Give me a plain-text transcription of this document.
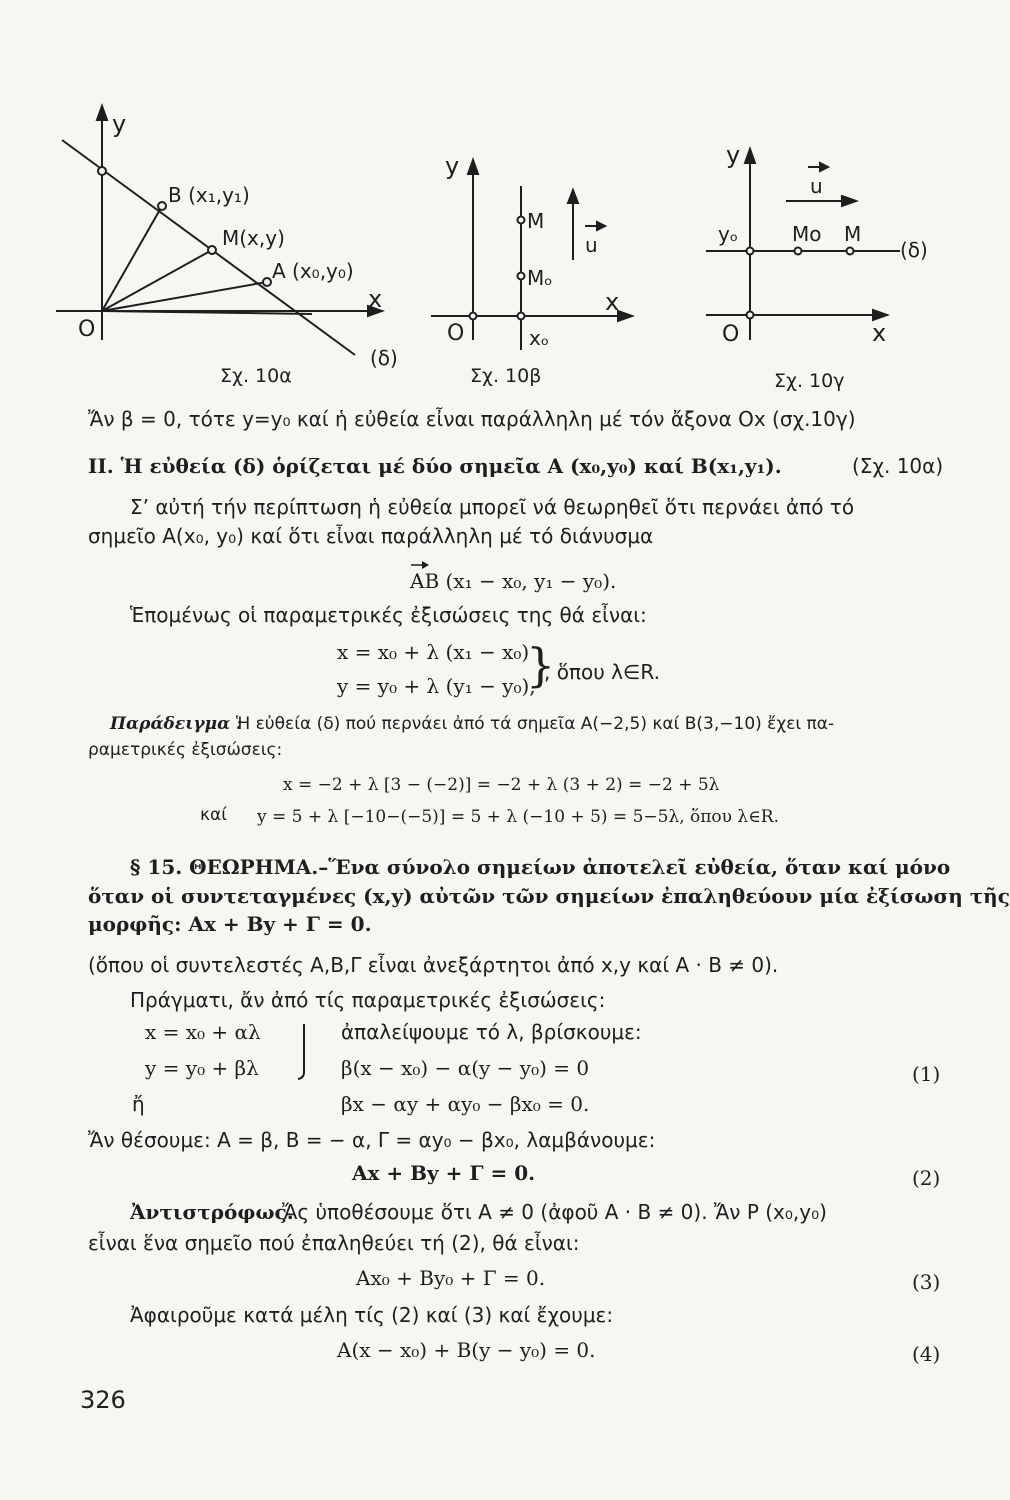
y
x
O
B (x₁,y₁)
M(x,y)
A (x₀,y₀)
(δ)
Σχ. 10α
y
x
O
M
Mₒ
xₒ
u
Σχ. 10β
y
x
O
yₒ	Mo M
u
(δ)
Σχ. 10γ
Ἄν β = 0, τότε y=y₀ καί ἡ εὐθεία εἶναι παράλληλη μέ τόν ἄξονα Οx (σχ.10γ)
ΙΙ. Ἡ εὐθεία (δ) ὁρίζεται μέ δύο σημεῖα Α (x₀,y₀) καί Β(x₁,y₁).	(Σχ. 10α)
Σ’ αὐτή τήν περίπτωση ἡ εὐθεία μπορεῖ νά θεωρηθεῖ ὅτι περνάει ἀπό τό
σημεῖο Α(x₀, y₀) καί ὅτι εἶναι παράλληλη μέ τό διάνυσμα
AB (x₁ − x₀, y₁ − y₀).
Ἑπομένως οἱ παραμετρικές ἐξισώσεις της θά εἶναι:
x = x₀ + λ (x₁ − x₀)
y = y₀ + λ (y₁ − y₀),
}
, ὅπου λ∈R.
Παράδειγμα :
Ἡ εὐθεία (δ) πού περνάει ἀπό τά σημεῖα Α(−2,5) καί Β(3,−10) ἔχει πα-
ραμετρικές ἐξισώσεις:
x = −2 + λ [3 − (−2)] = −2 + λ (3 + 2) = −2 + 5λ
καί y = 5 + λ [−10−(−5)] = 5 + λ (−10 + 5) = 5−5λ, ὅπου λ∈R.
§ 15. ΘΕΩΡΗΜΑ.–Ἕνα σύνολο σημείων ἀποτελεῖ εὐθεία, ὅταν καί μόνο
ὅταν οἱ συντεταγμένες (x,y) αὐτῶν τῶν σημείων ἐπαληθεύουν μία ἐξίσωση τῆς
μορφῆς: Ax + By + Γ = 0.
(ὅπου οἱ συντελεστές Α,Β,Γ εἶναι ἀνεξάρτητοι ἀπό x,y καί Α · Β ≠ 0).
Πράγματι, ἄν ἀπό τίς παραμετρικές ἐξισώσεις:
x = x₀ + αλ
y = y₀ + βλ
ἀπαλείψουμε τό λ, βρίσκουμε:
β(x − x₀) − α(y − y₀) = 0	(1)
ἤ	βx − αy + αy₀ − βx₀ = 0.
Ἄν θέσουμε: Α = β, Β = − α, Γ = αy₀ − βx₀, λαμβάνουμε:
Ax + By + Γ = 0.	(2)
Ἀντιστρόφως.
Ἄς ὑποθέσουμε ὅτι Α ≠ 0 (ἀφοῦ Α · Β ≠ 0). Ἄν Ρ (x₀,y₀)
εἶναι ἕνα σημεῖο πού ἐπαληθεύει τή (2), θά εἶναι:
Ax₀ + By₀ + Γ = 0.	(3)
Ἀφαιροῦμε κατά μέλη τίς (2) καί (3) καί ἔχουμε:
A(x − x₀) + B(y − y₀) = 0.	(4)
326
